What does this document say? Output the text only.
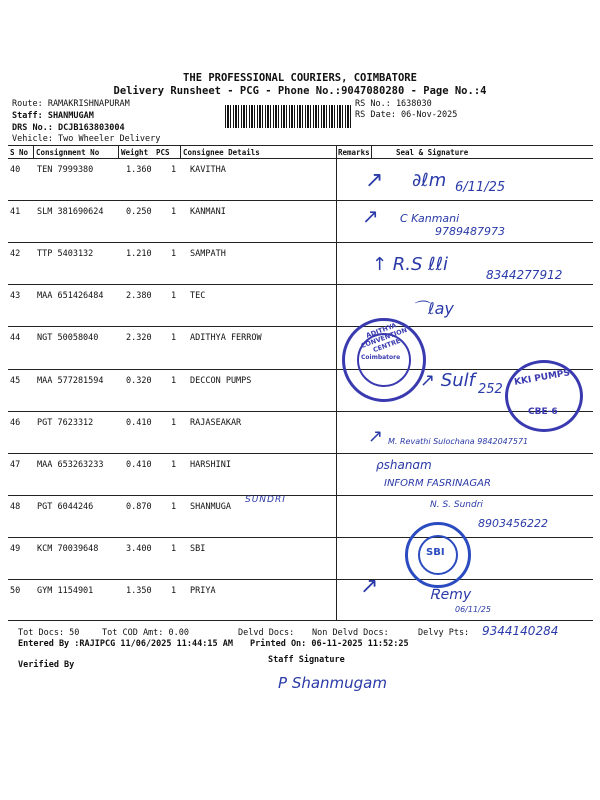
THE PROFESSIONAL COURIERS, COIMBATORE
Delivery Runsheet - PCG - Phone No.:9047080280 - Page No.:4
Route: RAMAKRISHNAPURAM
Staff: SHANMUGAM
DRS No.: DCJB163803004
Vehicle: Two Wheeler Delivery
RS No.: 1638030
RS Date: 06-Nov-2025
S No Consignment No	Weight PCS Consignee Details	Remarks	Seal & Signature
40 TEN 7999380	1.360 1 KAVITHA
41 SLM 381690624	0.250 1 KANMANI
42 TTP 5403132	1.210 1 SAMPATH
43 MAA 651426484	2.380 1 TEC
44 NGT 50058040	2.320 1 ADITHYA FERROW
45 MAA 577281594	0.320 1 DECCON PUMPS
46 PGT 7623312	0.410 1 RAJASEAKAR
47 MAA 653263233	0.410 1 HARSHINI
48 PGT 6044246	0.870 1 SHANMUGA
49 KCM 70039648	3.400 1 SBI
50 GYM 1154901	1.350 1 PRIYA
ADITHYA CONVENTION CENTRE
Coimbatore
KKI PUMPS
CBE-6
SBI
↗ ∂ℓm 6/11/25
↗ C Kanmani
9789487973
↑ R.S ℓℓi	8344277912
⌒ℓay
↗ Sulf 252
↗ M. Revathi Sulochana 9842047571
ρshanɑm
INFORM FASRINAGAR
SUNDRI	N. S. Sundri
8903456222
↗	Ꭱemy
06/11/25
Tot Docs: 50	Tot COD Amt: 0.00	Delvd Docs: Non Delvd Docs:	Delvy Pts: 9344140284
Entered By :RAJIPCG 11/06/2025 11:44:15 AM Printed On: 06-11-2025 11:52:25
Staff Signature
Verified By
P Shanmugam
